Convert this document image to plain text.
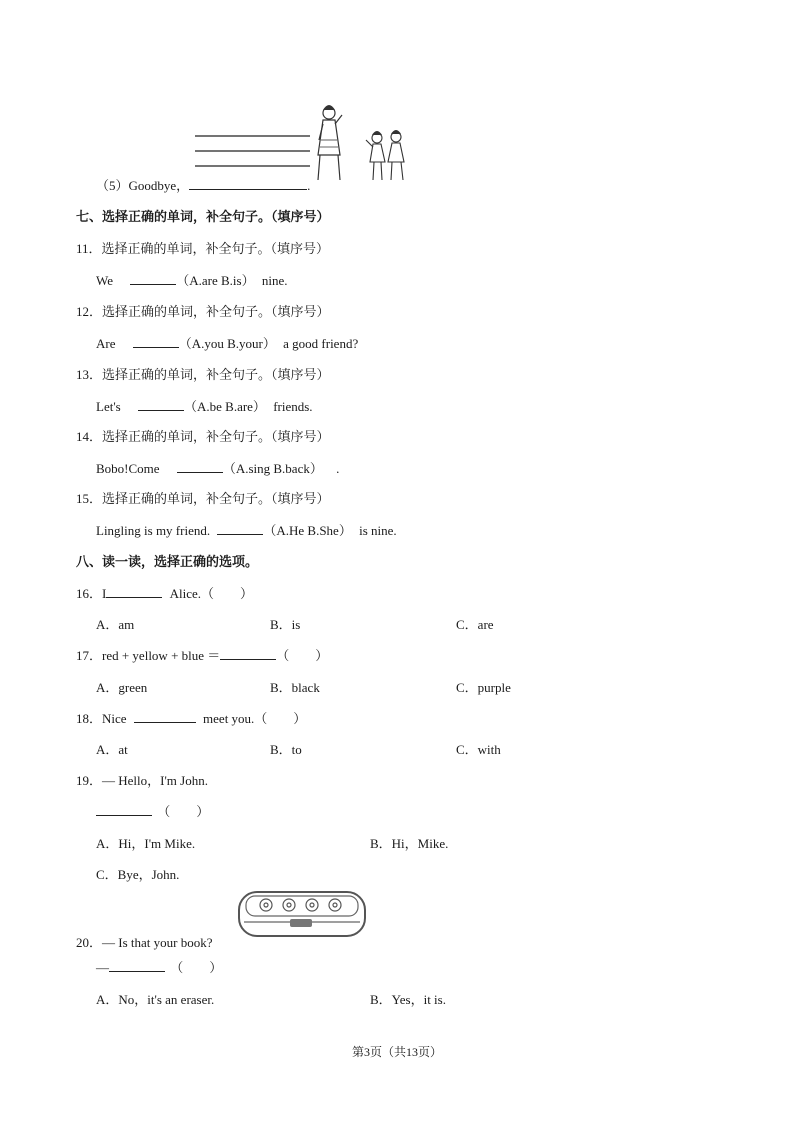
（5）Goodbye，	.
七、选择正确的单词，补全句子。（填序号）
11．选择正确的单词，补全句子。（填序号）
We	（A.are B.is） nine.
12．选择正确的单词，补全句子。（填序号）
Are	（A.you B.your） a good friend?
13．选择正确的单词，补全句子。（填序号）
Let's	（A.be B.are） friends.
14．选择正确的单词，补全句子。（填序号）
Bobo!Come	（A.sing B.back） .
15．选择正确的单词，补全句子。（填序号）
Lingling is my friend.	（A.He B.She） is nine.
八、读一读，选择正确的选项。
16．I	Alice.（　　）
A．am	B．is	C．are
17．red + yellow + blue ＝	（　　）
A．green	B．black	C．purple
18．Nice	meet you.（　　）
A．at	B．to	C．with
19．— Hello，I'm John.
（　　）
A．Hi，I'm Mike.	B．Hi，Mike.
C．Bye，John.
20．— Is that your book?
—	（　　）
A．No，it's an eraser.	B．Yes，it is.
第3页（共13页）
